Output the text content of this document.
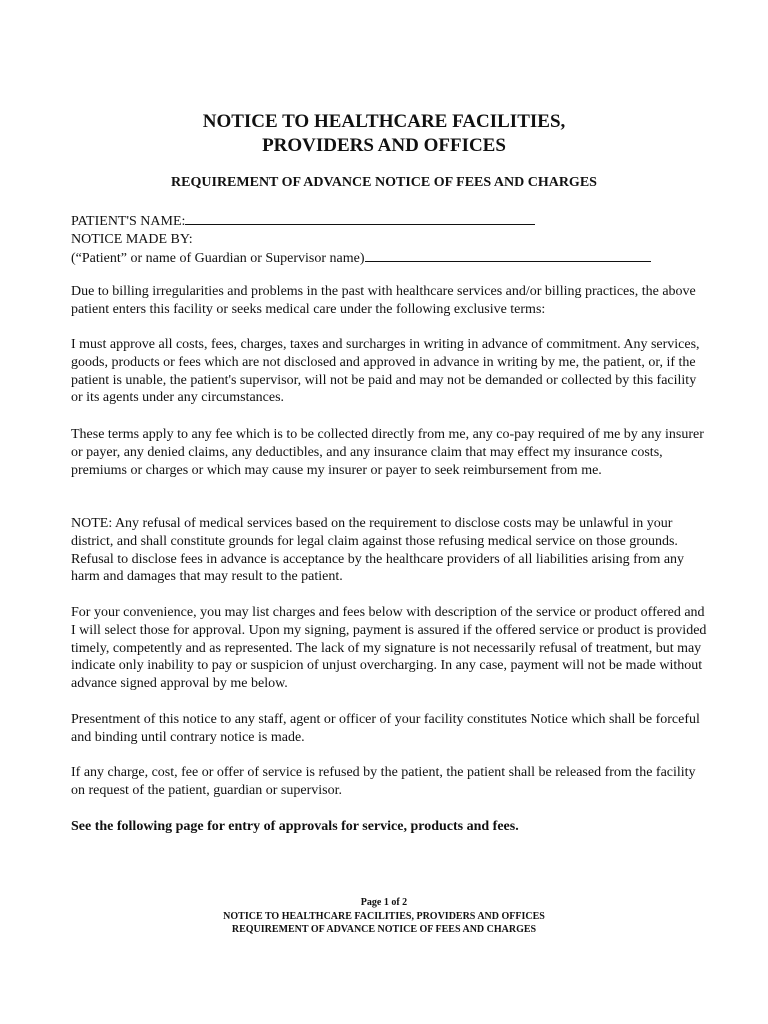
NOTICE TO HEALTHCARE FACILITIES,
PROVIDERS AND OFFICES
REQUIREMENT OF ADVANCE NOTICE OF FEES AND CHARGES
PATIENT'S NAME:
NOTICE MADE BY:
(“Patient” or name of Guardian or Supervisor name)

Due to billing irregularities and problems in the past with healthcare services and/or billing practices, the above patient enters this facility or seeks medical care under the following exclusive terms:

I must approve all costs, fees, charges, taxes and surcharges in writing in advance of commitment. Any services, goods, products or fees which are not disclosed and approved in advance in writing by me, the patient, or, if the patient is unable, the patient's supervisor, will not be paid and may not be demanded or collected by this facility or its agents under any circumstances.

These terms apply to any fee which is to be collected directly from me, any co-pay required of me by any insurer or payer, any denied claims, any deductibles, and any insurance claim that may effect my insurance costs, premiums or charges or which may cause my insurer or payer to seek reimbursement from me.

NOTE: Any refusal of medical services based on the requirement to disclose costs may be unlawful in your district, and shall constitute grounds for legal claim against those refusing medical service on those grounds. Refusal to disclose fees in advance is acceptance by the healthcare providers of all liabilities arising from any harm and damages that may result to the patient.

For your convenience, you may list charges and fees below with description of the service or product offered and I will select those for approval. Upon my signing, payment is assured if the offered service or product is provided timely, competently and as represented. The lack of my signature is not necessarily refusal of treatment, but may indicate only inability to pay or suspicion of unjust overcharging. In any case, payment will not be made without advance signed approval by me below.

Presentment of this notice to any staff, agent or officer of your facility constitutes Notice which shall be forceful and binding until contrary notice is made.

If any charge, cost, fee or offer of service is refused by the patient, the patient shall be released from the facility on request of the patient, guardian or supervisor.

See the following page for entry of approvals for service, products and fees.

Page 1 of 2
NOTICE TO HEALTHCARE FACILITIES, PROVIDERS AND OFFICES
REQUIREMENT OF ADVANCE NOTICE OF FEES AND CHARGES
